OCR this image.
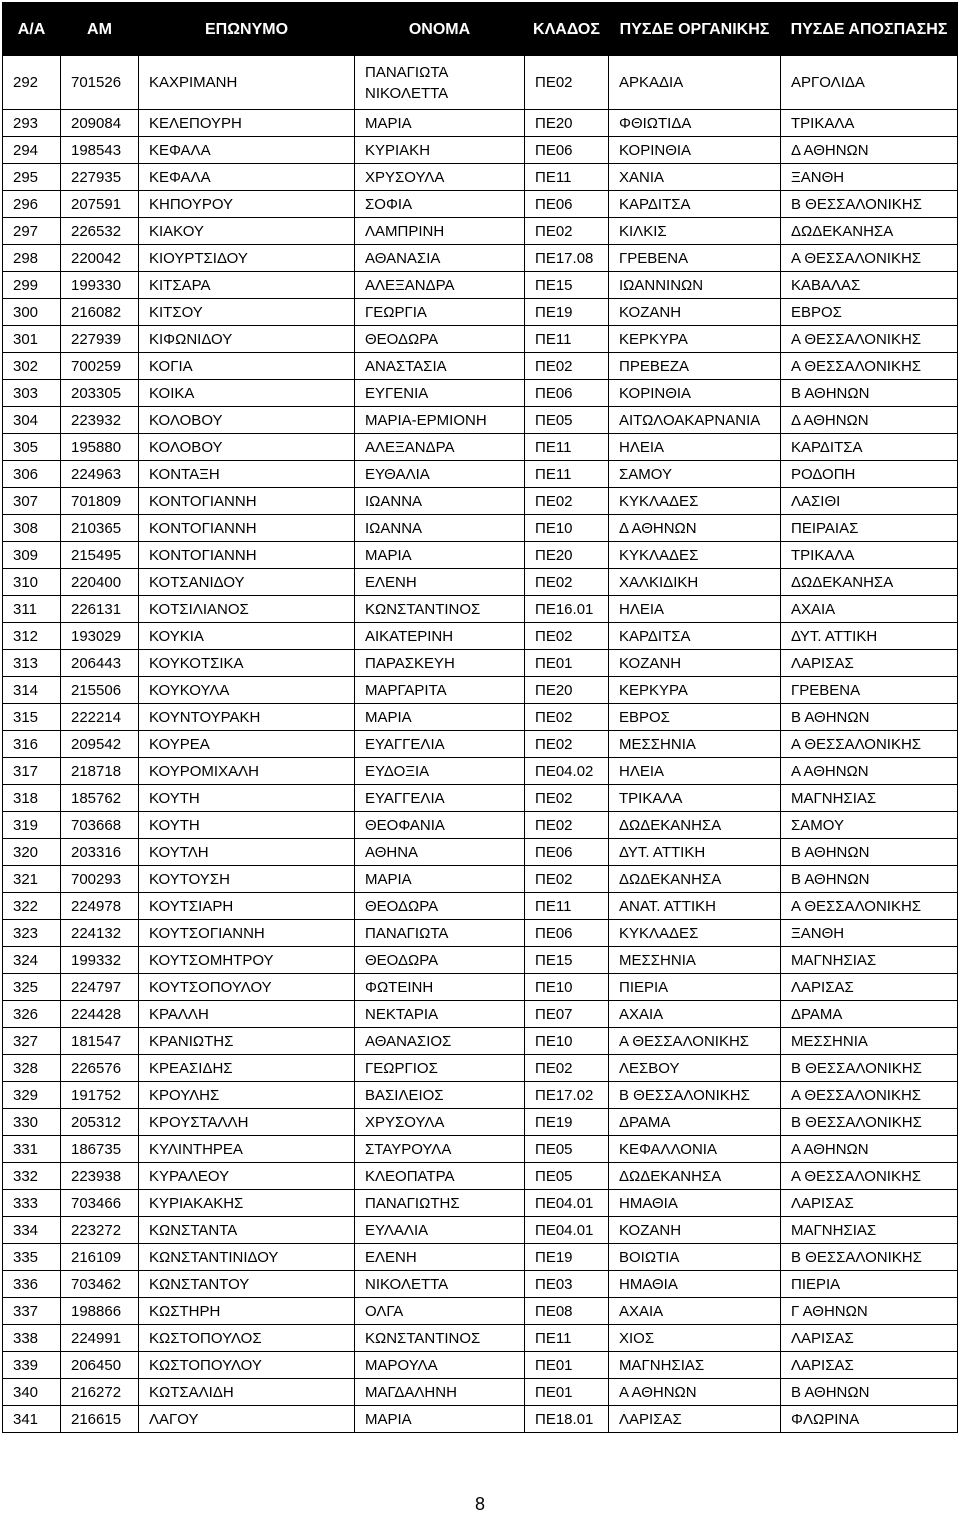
Α/Α	ΑΜ	ΕΠΩΝΥΜΟ	ΟΝΟΜΑ	ΚΛΑΔΟΣ	ΠΥΣΔΕ ΟΡΓΑΝΙΚΗΣ	ΠΥΣΔΕ ΑΠΟΣΠΑΣΗΣ
292	701526	ΚΑΧΡΙΜΑΝΗ	ΠΑΝΑΓΙΩΤΑ ΝΙΚΟΛΕΤΤΑ	ΠΕ02	ΑΡΚΑΔΙΑ	ΑΡΓΟΛΙΔΑ
293	209084	ΚΕΛΕΠΟΥΡΗ	ΜΑΡΙΑ	ΠΕ20	ΦΘΙΩΤΙΔΑ	ΤΡΙΚΑΛΑ
294	198543	ΚΕΦΑΛΑ	ΚΥΡΙΑΚΗ	ΠΕ06	ΚΟΡΙΝΘΙΑ	Δ ΑΘΗΝΩΝ
295	227935	ΚΕΦΑΛΑ	ΧΡΥΣΟΥΛΑ	ΠΕ11	ΧΑΝΙΑ	ΞΑΝΘΗ
296	207591	ΚΗΠΟΥΡΟΥ	ΣΟΦΙΑ	ΠΕ06	ΚΑΡΔΙΤΣΑ	Β ΘΕΣΣΑΛΟΝΙΚΗΣ
297	226532	ΚΙΑΚΟΥ	ΛΑΜΠΡΙΝΗ	ΠΕ02	ΚΙΛΚΙΣ	ΔΩΔΕΚΑΝΗΣΑ
298	220042	ΚΙΟΥΡΤΣΙΔΟΥ	ΑΘΑΝΑΣΙΑ	ΠΕ17.08	ΓΡΕΒΕΝΑ	Α ΘΕΣΣΑΛΟΝΙΚΗΣ
299	199330	ΚΙΤΣΑΡΑ	ΑΛΕΞΑΝΔΡΑ	ΠΕ15	ΙΩΑΝΝΙΝΩΝ	ΚΑΒΑΛΑΣ
300	216082	ΚΙΤΣΟΥ	ΓΕΩΡΓΙΑ	ΠΕ19	ΚΟΖΑΝΗ	ΕΒΡΟΣ
301	227939	ΚΙΦΩΝΙΔΟΥ	ΘΕΟΔΩΡΑ	ΠΕ11	ΚΕΡΚΥΡΑ	Α ΘΕΣΣΑΛΟΝΙΚΗΣ
302	700259	ΚΟΓΙΑ	ΑΝΑΣΤΑΣΙΑ	ΠΕ02	ΠΡΕΒΕΖΑ	Α ΘΕΣΣΑΛΟΝΙΚΗΣ
303	203305	ΚΟΙΚΑ	ΕΥΓΕΝΙΑ	ΠΕ06	ΚΟΡΙΝΘΙΑ	Β ΑΘΗΝΩΝ
304	223932	ΚΟΛΟΒΟΥ	ΜΑΡΙΑ-ΕΡΜΙΟΝΗ	ΠΕ05	ΑΙΤΩΛΟΑΚΑΡΝΑΝΙΑ	Δ ΑΘΗΝΩΝ
305	195880	ΚΟΛΟΒΟΥ	ΑΛΕΞΑΝΔΡΑ	ΠΕ11	ΗΛΕΙΑ	ΚΑΡΔΙΤΣΑ
306	224963	ΚΟΝΤΑΞΗ	ΕΥΘΑΛΙΑ	ΠΕ11	ΣΑΜΟΥ	ΡΟΔΟΠΗ
307	701809	ΚΟΝΤΟΓΙΑΝΝΗ	ΙΩΑΝΝΑ	ΠΕ02	ΚΥΚΛΑΔΕΣ	ΛΑΣΙΘΙ
308	210365	ΚΟΝΤΟΓΙΑΝΝΗ	ΙΩΑΝΝΑ	ΠΕ10	Δ ΑΘΗΝΩΝ	ΠΕΙΡΑΙΑΣ
309	215495	ΚΟΝΤΟΓΙΑΝΝΗ	ΜΑΡΙΑ	ΠΕ20	ΚΥΚΛΑΔΕΣ	ΤΡΙΚΑΛΑ
310	220400	ΚΟΤΣΑΝΙΔΟΥ	ΕΛΕΝΗ	ΠΕ02	ΧΑΛΚΙΔΙΚΗ	ΔΩΔΕΚΑΝΗΣΑ
311	226131	ΚΟΤΣΙΛΙΑΝΟΣ	ΚΩΝΣΤΑΝΤΙΝΟΣ	ΠΕ16.01	ΗΛΕΙΑ	ΑΧΑΙΑ
312	193029	ΚΟΥΚΙΑ	ΑΙΚΑΤΕΡΙΝΗ	ΠΕ02	ΚΑΡΔΙΤΣΑ	ΔΥΤ. ΑΤΤΙΚΗ
313	206443	ΚΟΥΚΟΤΣΙΚΑ	ΠΑΡΑΣΚΕΥΗ	ΠΕ01	ΚΟΖΑΝΗ	ΛΑΡΙΣΑΣ
314	215506	ΚΟΥΚΟΥΛΑ	ΜΑΡΓΑΡΙΤΑ	ΠΕ20	ΚΕΡΚΥΡΑ	ΓΡΕΒΕΝΑ
315	222214	ΚΟΥΝΤΟΥΡΑΚΗ	ΜΑΡΙΑ	ΠΕ02	ΕΒΡΟΣ	Β ΑΘΗΝΩΝ
316	209542	ΚΟΥΡΕΑ	ΕΥΑΓΓΕΛΙΑ	ΠΕ02	ΜΕΣΣΗΝΙΑ	Α ΘΕΣΣΑΛΟΝΙΚΗΣ
317	218718	ΚΟΥΡΟΜΙΧΑΛΗ	ΕΥΔΟΞΙΑ	ΠΕ04.02	ΗΛΕΙΑ	Α ΑΘΗΝΩΝ
318	185762	ΚΟΥΤΗ	ΕΥΑΓΓΕΛΙΑ	ΠΕ02	ΤΡΙΚΑΛΑ	ΜΑΓΝΗΣΙΑΣ
319	703668	ΚΟΥΤΗ	ΘΕΟΦΑΝΙΑ	ΠΕ02	ΔΩΔΕΚΑΝΗΣΑ	ΣΑΜΟΥ
320	203316	ΚΟΥΤΛΗ	ΑΘΗΝΑ	ΠΕ06	ΔΥΤ. ΑΤΤΙΚΗ	Β ΑΘΗΝΩΝ
321	700293	ΚΟΥΤΟΥΣΗ	ΜΑΡΙΑ	ΠΕ02	ΔΩΔΕΚΑΝΗΣΑ	Β ΑΘΗΝΩΝ
322	224978	ΚΟΥΤΣΙΑΡΗ	ΘΕΟΔΩΡΑ	ΠΕ11	ΑΝΑΤ. ΑΤΤΙΚΗ	Α ΘΕΣΣΑΛΟΝΙΚΗΣ
323	224132	ΚΟΥΤΣΟΓΙΑΝΝΗ	ΠΑΝΑΓΙΩΤΑ	ΠΕ06	ΚΥΚΛΑΔΕΣ	ΞΑΝΘΗ
324	199332	ΚΟΥΤΣΟΜΗΤΡΟΥ	ΘΕΟΔΩΡΑ	ΠΕ15	ΜΕΣΣΗΝΙΑ	ΜΑΓΝΗΣΙΑΣ
325	224797	ΚΟΥΤΣΟΠΟΥΛΟΥ	ΦΩΤΕΙΝΗ	ΠΕ10	ΠΙΕΡΙΑ	ΛΑΡΙΣΑΣ
326	224428	ΚΡΑΛΛΗ	ΝΕΚΤΑΡΙΑ	ΠΕ07	ΑΧΑΙΑ	ΔΡΑΜΑ
327	181547	ΚΡΑΝΙΩΤΗΣ	ΑΘΑΝΑΣΙΟΣ	ΠΕ10	Α ΘΕΣΣΑΛΟΝΙΚΗΣ	ΜΕΣΣΗΝΙΑ
328	226576	ΚΡΕΑΣΙΔΗΣ	ΓΕΩΡΓΙΟΣ	ΠΕ02	ΛΕΣΒΟΥ	Β ΘΕΣΣΑΛΟΝΙΚΗΣ
329	191752	ΚΡΟΥΛΗΣ	ΒΑΣΙΛΕΙΟΣ	ΠΕ17.02	Β ΘΕΣΣΑΛΟΝΙΚΗΣ	Α ΘΕΣΣΑΛΟΝΙΚΗΣ
330	205312	ΚΡΟΥΣΤΑΛΛΗ	ΧΡΥΣΟΥΛΑ	ΠΕ19	ΔΡΑΜΑ	Β ΘΕΣΣΑΛΟΝΙΚΗΣ
331	186735	ΚΥΛΙΝΤΗΡΕΑ	ΣΤΑΥΡΟΥΛΑ	ΠΕ05	ΚΕΦΑΛΛΟΝΙΑ	Α ΑΘΗΝΩΝ
332	223938	ΚΥΡΑΛΕΟΥ	ΚΛΕΟΠΑΤΡΑ	ΠΕ05	ΔΩΔΕΚΑΝΗΣΑ	Α ΘΕΣΣΑΛΟΝΙΚΗΣ
333	703466	ΚΥΡΙΑΚΑΚΗΣ	ΠΑΝΑΓΙΩΤΗΣ	ΠΕ04.01	ΗΜΑΘΙΑ	ΛΑΡΙΣΑΣ
334	223272	ΚΩΝΣΤΑΝΤΑ	ΕΥΛΑΛΙΑ	ΠΕ04.01	ΚΟΖΑΝΗ	ΜΑΓΝΗΣΙΑΣ
335	216109	ΚΩΝΣΤΑΝΤΙΝΙΔΟΥ	ΕΛΕΝΗ	ΠΕ19	ΒΟΙΩΤΙΑ	Β ΘΕΣΣΑΛΟΝΙΚΗΣ
336	703462	ΚΩΝΣΤΑΝΤΟΥ	ΝΙΚΟΛΕΤΤΑ	ΠΕ03	ΗΜΑΘΙΑ	ΠΙΕΡΙΑ
337	198866	ΚΩΣΤΗΡΗ	ΟΛΓΑ	ΠΕ08	ΑΧΑΙΑ	Γ ΑΘΗΝΩΝ
338	224991	ΚΩΣΤΟΠΟΥΛΟΣ	ΚΩΝΣΤΑΝΤΙΝΟΣ	ΠΕ11	ΧΙΟΣ	ΛΑΡΙΣΑΣ
339	206450	ΚΩΣΤΟΠΟΥΛΟΥ	ΜΑΡΟΥΛΑ	ΠΕ01	ΜΑΓΝΗΣΙΑΣ	ΛΑΡΙΣΑΣ
340	216272	ΚΩΤΣΑΛΙΔΗ	ΜΑΓΔΑΛΗΝΗ	ΠΕ01	Α ΑΘΗΝΩΝ	Β ΑΘΗΝΩΝ
341	216615	ΛΑΓΟΥ	ΜΑΡΙΑ	ΠΕ18.01	ΛΑΡΙΣΑΣ	ΦΛΩΡΙΝΑ
8
